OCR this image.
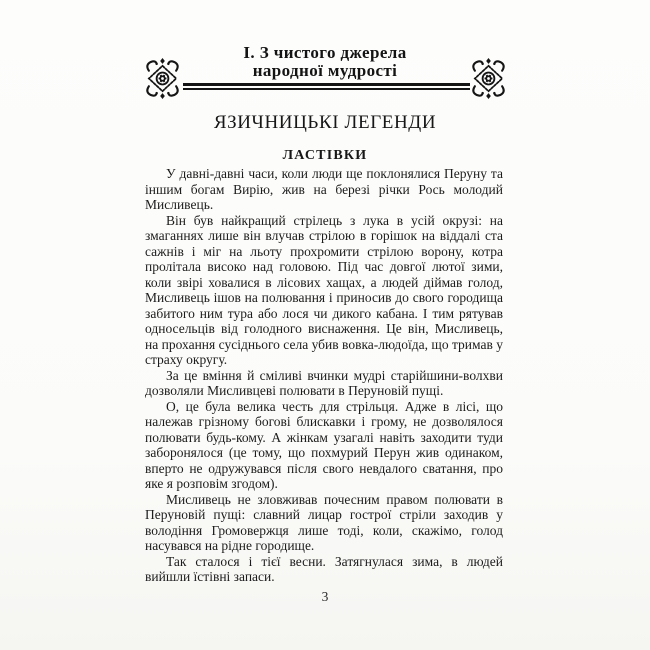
І. З чистого джерела
народної мудрості
ЯЗИЧНИЦЬКІ ЛЕГЕНДИ
ЛАСТІВКИ

У давні-давні часи, коли люди ще поклонялися Перуну та іншим богам Вирію, жив на березі річки Рось молодий Мисливець.

Він був найкращий стрілець з лука в усій окрузі: на змаганнях лише він влучав стрілою в горішок на віддалі ста сажнів і міг на льоту прохромити стрілою ворону, котра пролітала високо над головою. Під час довгої лютої зими, коли звірі ховалися в лісових хащах, а людей діймав голод, Мисливець ішов на полювання і приносив до свого городища забитого ним тура або лося чи дикого кабана. І тим рятував односельців від голодного виснаження. Це він, Мисливець, на прохання сусіднього села убив вовка-людоїда, що тримав у страху округу.

За це вміння й сміливі вчинки мудрі старійшини-волхви дозволяли Мисливцеві полювати в Перуновій пущі.

О, це була велика честь для стрільця. Адже в лісі, що належав грізному богові блискавки і грому, не дозволялося полювати будь-кому. А жінкам узагалі навіть заходити туди заборонялося (це тому, що похмурий Перун жив одинаком, вперто не одружувався після свого невдалого сватання, про яке я розповім згодом).

Мисливець не зловживав почесним правом полювати в Перуновій пущі: славний лицар гострої стріли заходив у володіння Громовержця лише тоді, коли, скажімо, голод насувався на рідне городище.

Так сталося і тієї весни. Затягнулася зима, в людей вийшли їстівні запаси.

3
